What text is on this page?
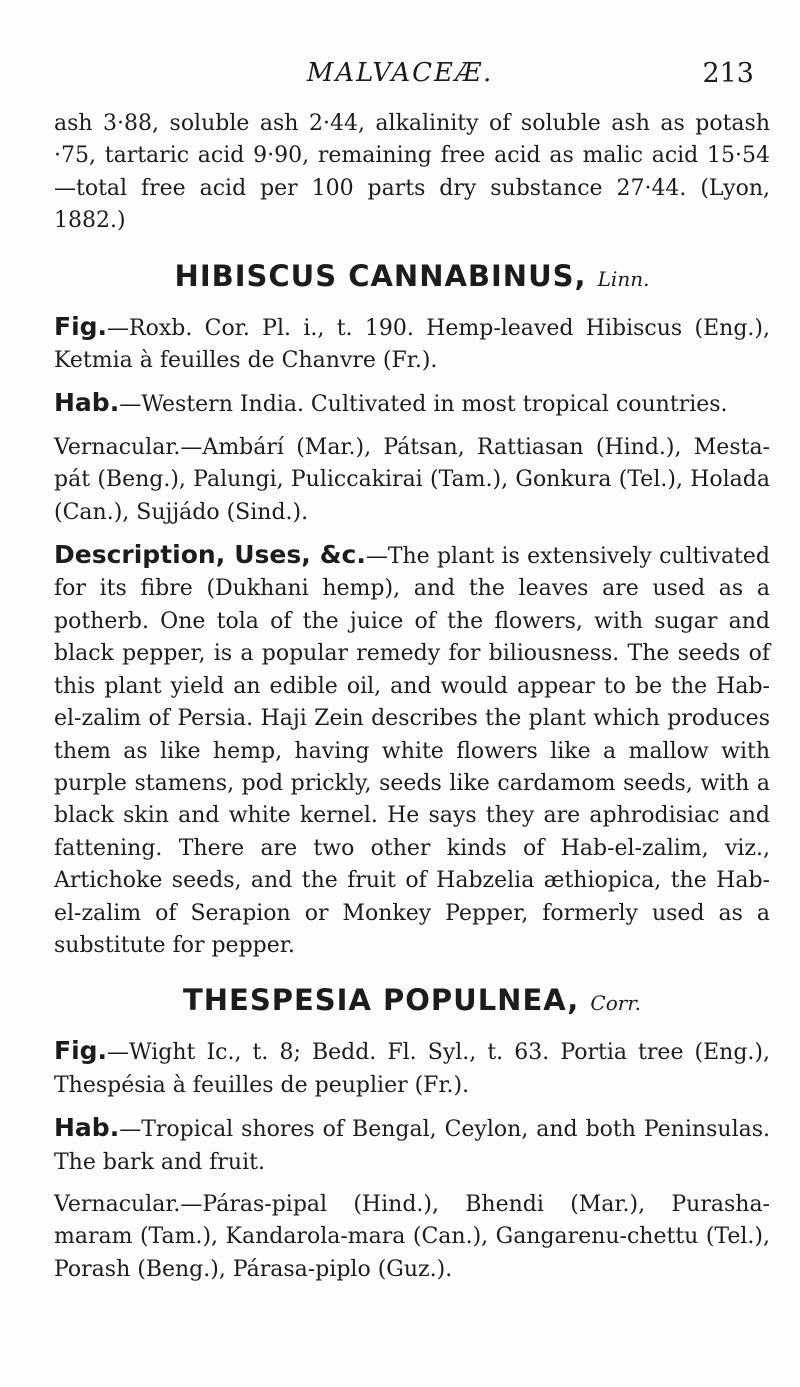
MALVACEÆ.	213

ash 3·88, soluble ash 2·44, alkalinity of soluble ash as potash ·75, tartaric acid 9·90, remaining free acid as malic acid 15·54—total free acid per 100 parts dry substance 27·44. (Lyon, 1882.)

HIBISCUS CANNABINUS, Linn.

Fig.—Roxb. Cor. Pl. i., t. 190. Hemp-leaved Hibiscus (Eng.), Ketmia à feuilles de Chanvre (Fr.).

Hab.—Western India. Cultivated in most tropical countries.

Vernacular.—Ambárí (Mar.), Pátsan, Rattiasan (Hind.), Mesta-pát (Beng.), Palungi, Puliccakirai (Tam.), Gonkura (Tel.), Holada (Can.), Sujjádo (Sind.).

Description, Uses, &c.—The plant is extensively cultivated for its fibre (Dukhani hemp), and the leaves are used as a potherb. One tola of the juice of the flowers, with sugar and black pepper, is a popular remedy for biliousness. The seeds of this plant yield an edible oil, and would appear to be the Hab-el-zalim of Persia. Haji Zein describes the plant which produces them as like hemp, having white flowers like a mallow with purple stamens, pod prickly, seeds like cardamom seeds, with a black skin and white kernel. He says they are aphrodisiac and fattening. There are two other kinds of Hab-el-zalim, viz., Artichoke seeds, and the fruit of Habzelia æthiopica, the Hab-el-zalim of Serapion or Monkey Pepper, formerly used as a substitute for pepper.

THESPESIA POPULNEA, Corr.

Fig.—Wight Ic., t. 8; Bedd. Fl. Syl., t. 63. Portia tree (Eng.), Thespésia à feuilles de peuplier (Fr.).

Hab.—Tropical shores of Bengal, Ceylon, and both Peninsulas. The bark and fruit.

Vernacular.—Páras-pipal (Hind.), Bhendi (Mar.), Purasha-maram (Tam.), Kandarola-mara (Can.), Gangarenu-chettu (Tel.), Porash (Beng.), Párasa-piplo (Guz.).
